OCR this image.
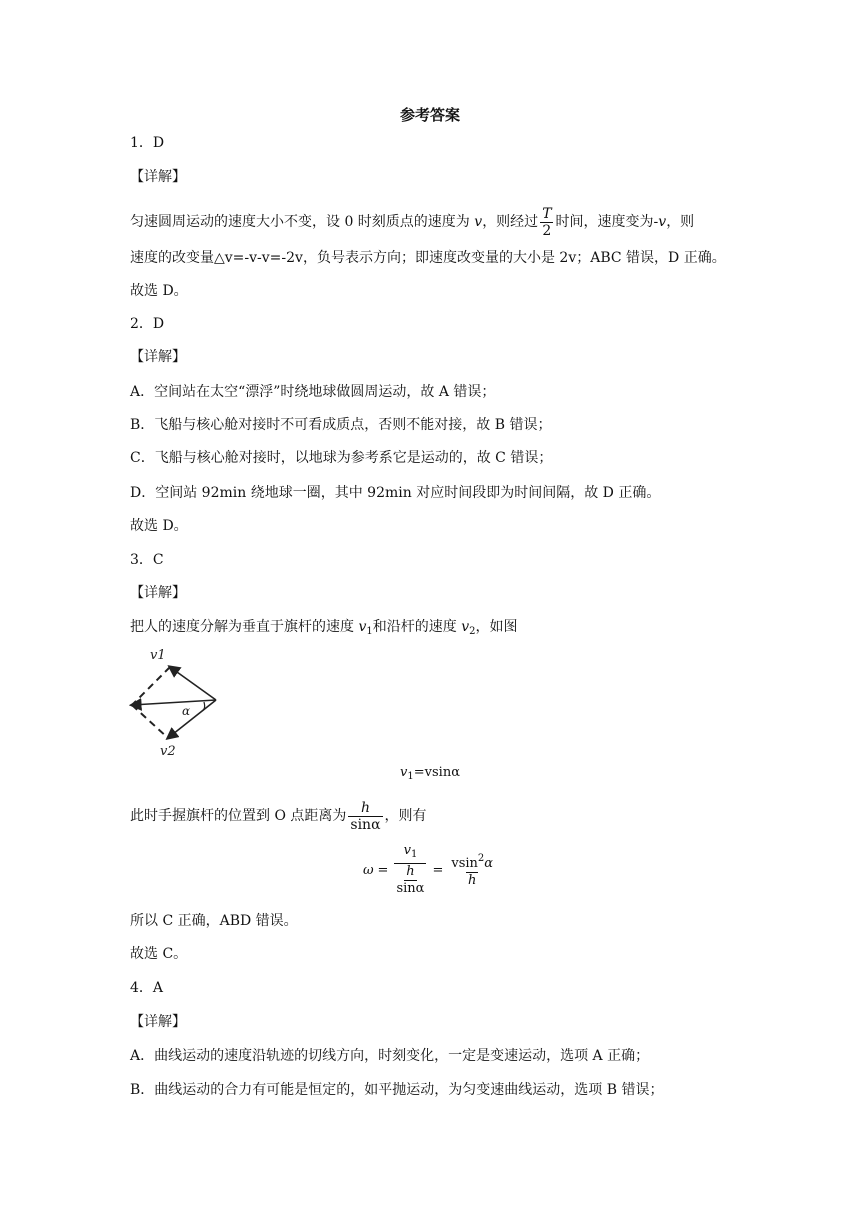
参考答案
1．D
【详解】
匀速圆周运动的速度大小不变，设 0 时刻质点的速度为 v，则经过 $\frac{T}{2}$ 时间，速度变为-v，则
速度的改变量△v=-v-v=-2v，负号表示方向；即速度改变量的大小是 2v；ABC 错误，D 正确。
故选 D。
2．D
【详解】
A．空间站在太空“漂浮”时绕地球做圆周运动，故 A 错误；
B．飞船与核心舱对接时不可看成质点，否则不能对接，故 B 错误；
C．飞船与核心舱对接时，以地球为参考系它是运动的，故 C 错误；
D．空间站 92min 绕地球一圈，其中 92min 对应时间段即为时间间隔，故 D 正确。
故选 D。
3．C
【详解】
把人的速度分解为垂直于旗杆的速度 $v_1$和沿杆的速度 $v_2$，如图
α
v1
v2
$v_1=vsin\alpha$
此时手握旗杆的位置到 O 点距离为 $\frac{h}{\sin\alpha}$ ，则有
$\omega = v_1$
h
$\sin\alpha = \frac{vsin^2\alpha}{h}$
所以 C 正确，ABD 错误。
故选 C。
4．A
【详解】
A．曲线运动的速度沿轨迹的切线方向，时刻变化，一定是变速运动，选项 A 正确；
B．曲线运动的合力有可能是恒定的，如平抛运动，为匀变速曲线运动，选项 B 错误；
